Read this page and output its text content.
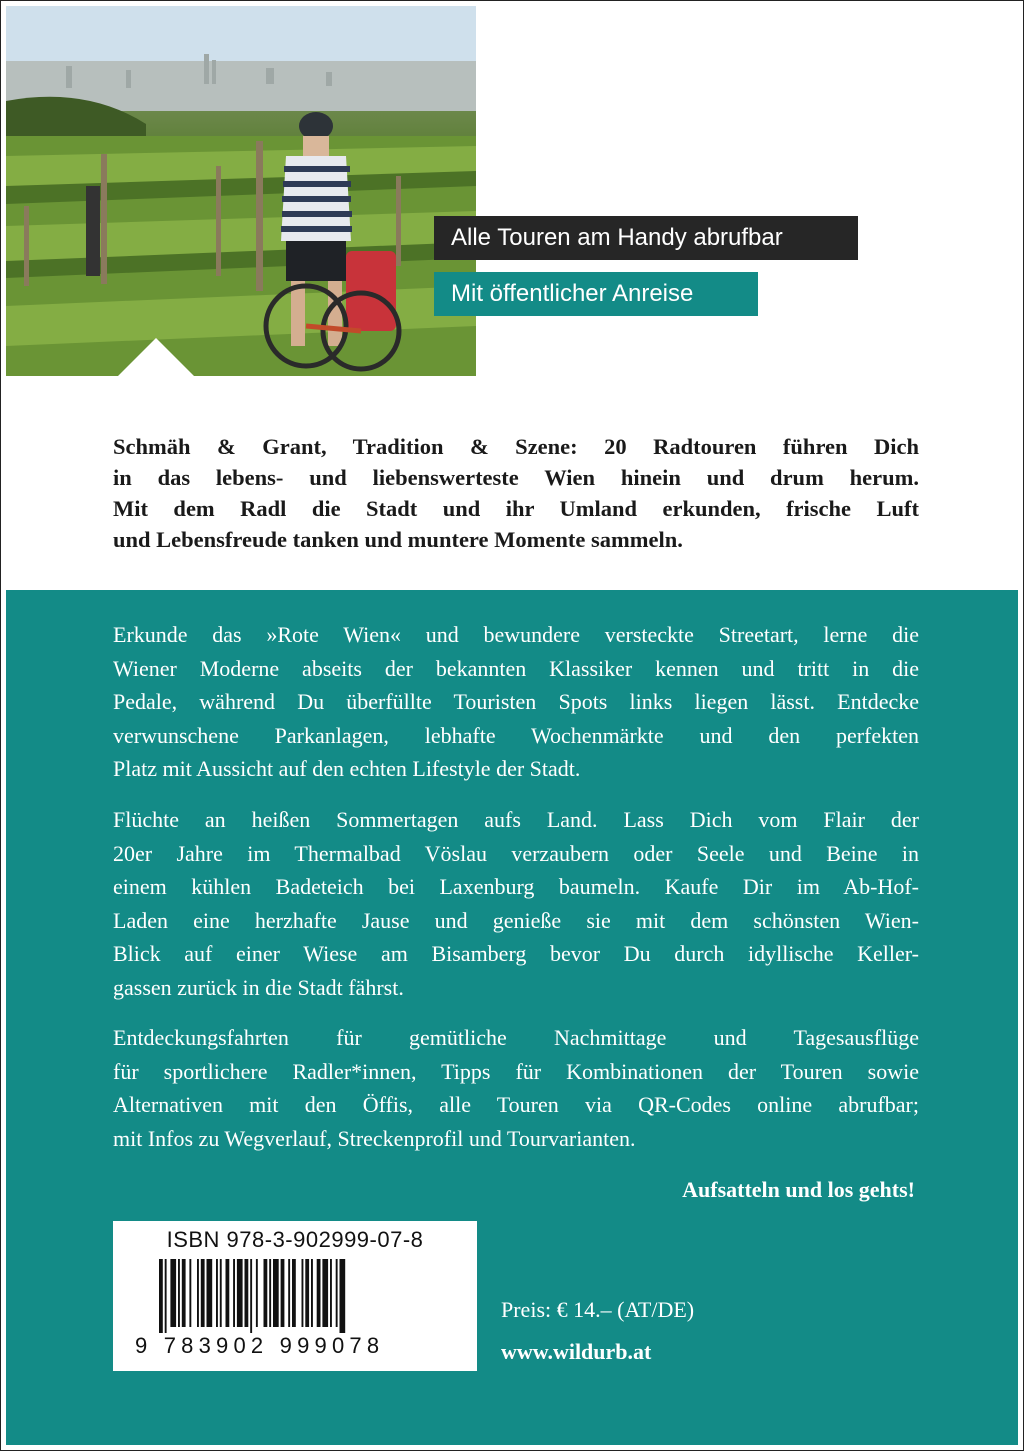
Alle Touren am Handy abrufbar
Mit öffentlicher Anreise
Schmäh & Grant, Tradition & Szene: 20 Radtouren führen Dich
in das lebens- und liebenswerteste Wien hinein und drum herum.
Mit dem Radl die Stadt und ihr Umland erkunden, frische Luft
und Lebensfreude tanken und muntere Momente sammeln.
Erkunde das »Rote Wien« und bewundere versteckte Streetart, lerne die
Wiener Moderne abseits der bekannten Klassiker kennen und tritt in die
Pedale, während Du überfüllte Touristen Spots links liegen lässt. Entdecke
verwunschene Parkanlagen, lebhafte Wochenmärkte und den perfekten
Platz mit Aussicht auf den echten Lifestyle der Stadt.
Flüchte an heißen Sommertagen aufs Land. Lass Dich vom Flair der
20er Jahre im Thermalbad Vöslau verzaubern oder Seele und Beine in
einem kühlen Badeteich bei Laxenburg baumeln. Kaufe Dir im Ab-Hof-
Laden eine herzhafte Jause und genieße sie mit dem schönsten Wien-
Blick auf einer Wiese am Bisamberg bevor Du durch idyllische Keller-
gassen zurück in die Stadt fährst.
Entdeckungsfahrten für gemütliche Nachmittage und Tagesausflüge
für sportlichere Radler*innen, Tipps für Kombinationen der Touren sowie
Alternativen mit den Öffis, alle Touren via QR-Codes online abrufbar;
mit Infos zu Wegverlauf, Streckenprofil und Tourvarianten.
Aufsatteln und los gehts!
ISBN 978-3-902999-07-8
9 783902 999078
Preis: € 14.– (AT/DE)
www.wildurb.at
